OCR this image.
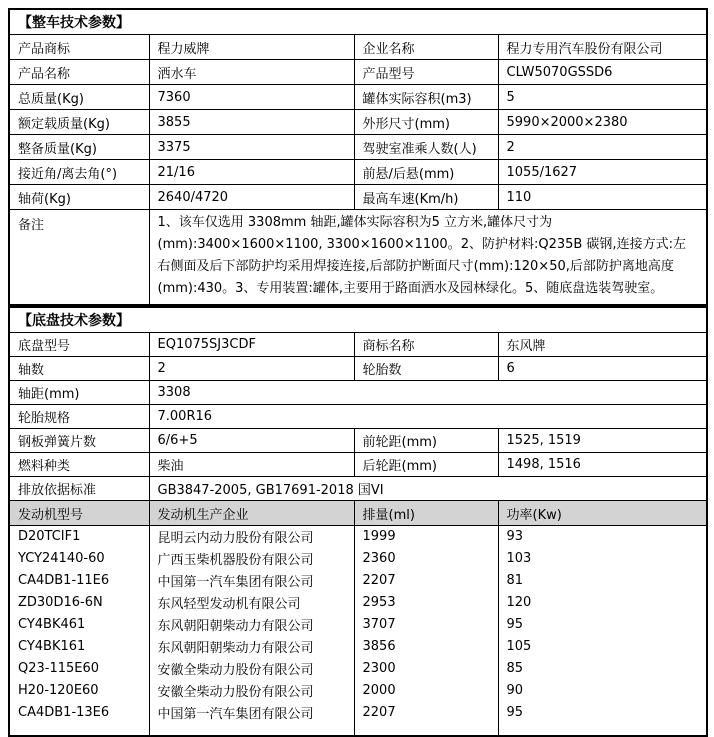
【整车技术参数】			
产品商标	程力威牌	企业名称	程力专用汽车股份有限公司
产品名称	洒水车	产品型号	CLW5070GSSD6
总质量(Kg)	7360	罐体实际容积(m3)	5
额定载质量(Kg)	3855	外形尺寸(mm)	5990×2000×2380
整备质量(Kg)	3375	驾驶室准乘人数(人)	2
接近角/离去角(°)	21/16	前悬/后悬(mm)	1055/1627
轴荷(Kg)	2640/4720	最高车速(Km/h)	110
备注	1、该车仅选用 3308mm 轴距,罐体实际容积为5 立方米,罐体尺寸为(mm):3400×1600×1100, 3300×1600×1100。2、防护材料:Q235B 碳钢,连接方式:左右侧面及后下部防护均采用焊接连接,后部防护断面尺寸(mm):120×50,后部防护离地高度(mm):430。3、专用装置:罐体,主要用于路面洒水及园林绿化。5、随底盘选装驾驶室。		
【底盘技术参数】			
底盘型号	EQ1075SJ3CDF	商标名称	东风牌
轴数	2	轮胎数	6
轴距(mm)	3308		
轮胎规格	7.00R16		
钢板弹簧片数	6/6+5	前轮距(mm)	1525, 1519
燃料种类	柴油	后轮距(mm)	1498, 1516
排放依据标准	GB3847-2005, GB17691-2018 国VI		
发动机型号	发动机生产企业	排量(ml)	功率(Kw)
D20TCIF1	昆明云内动力股份有限公司	1999	93
YCY24140-60	广西玉柴机器股份有限公司	2360	103
CA4DB1-11E6	中国第一汽车集团有限公司	2207	81
ZD30D16-6N	东风轻型发动机有限公司	2953	120
CY4BK461	东风朝阳朝柴动力有限公司	3707	95
CY4BK161	东风朝阳朝柴动力有限公司	3856	105
Q23-115E60	安徽全柴动力股份有限公司	2300	85
H20-120E60	安徽全柴动力股份有限公司	2000	90
CA4DB1-13E6	中国第一汽车集团有限公司	2207	95
